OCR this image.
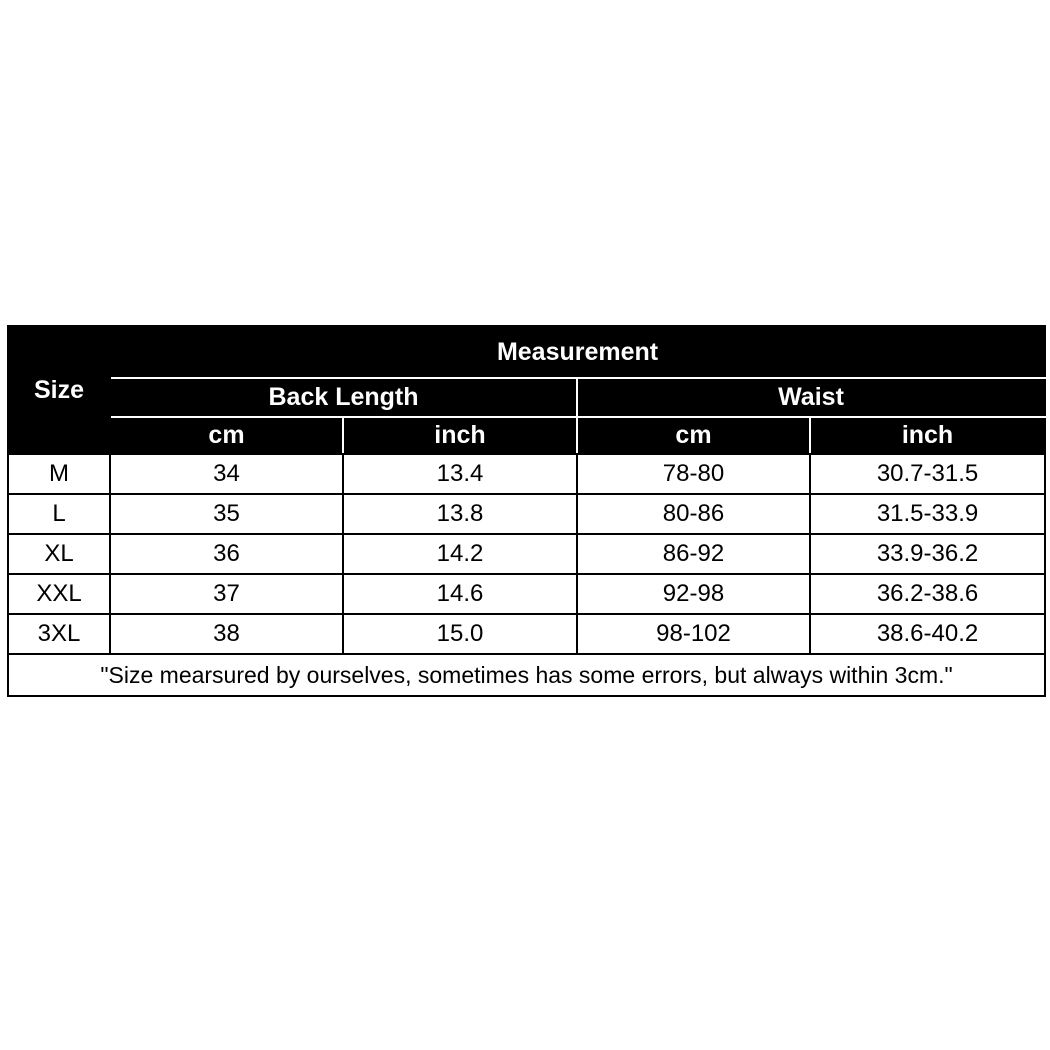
Size	Measurement			
	Back Length		Waist	
	cm	inch	cm	inch
M	34	13.4	78-80	30.7-31.5
L	35	13.8	80-86	31.5-33.9
XL	36	14.2	86-92	33.9-36.2
XXL	37	14.6	92-98	36.2-38.6
3XL	38	15.0	98-102	38.6-40.2
"Size mearsured by ourselves, sometimes has some errors, but always within 3cm."				
